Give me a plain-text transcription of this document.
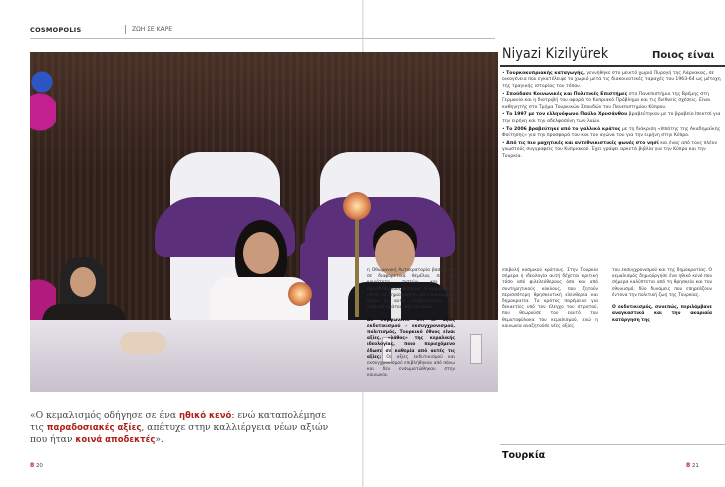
COSMOPOLIS	ΖΩΗ ΣΕ ΚΑΡΕ
Niyazi Kizilyürek	Ποιος είναι
• Τουρκοκυπριακής καταγωγής, γεννήθηκε στο μεικτό χωριό Πυρογή της Λάρνακας, σε οικογένεια που εγκατέλειψε το χωριό μετά τις διακοινοτικές ταραχές του 1963-64 ως μέτοχη της τραγικής ιστορίας του τόπου.
• Σπούδασε Κοινωνικές και Πολιτικές Επιστήμες στο Πανεπιστήμιο της Βρέμης στη Γερμανία και η διατριβή του αφορά το Κυπριακό Πρόβλημα και τις διεθνείς σχέσεις. Είναι καθηγητής στο Τμήμα Τουρκικών Σπουδών του Πανεπιστημίου Κύπρου.
• Το 1997 με τον ελληνόφωνο Παύλο Χρυσάνθου βραβεύτηκαν με το βραβείο Ιπεκτσί για την ειρήνη και την αδελφοσύνη των λαών.
• Το 2006 βραβεύτηκε από το γαλλικό κράτος με τη διάκριση «Ιππότης της Ακαδημαϊκής Φοίτησης» για την προσφορά του και τον αγώνα του για την ειρήνη στην Κύπρο.
• Από τις πιο μαχητικές και αντεθνικιστικές φωνές στο νησί και ένας από τους πλέον γνωστούς συγγραφείς του Κυπριακού. Έχει γράψει αρκετά βιβλία για την Κύπρο και την Τουρκία.
«Ο κεμαλισμός οδήγησε σε ένα ηθικό κενό: ενώ καταπολέμησε τις παραδοσιακές αξίες, απέτυχε στην καλλιέργεια νέων αξιών που ήταν κοινά αποδεκτές».
η Οθωμανική Αυτοκρατορία βασιζόταν σε διαφορετικά θεμέλια, σε μια κοινότητα πιστών και σε παραδοσιακούς θεσμούς. Ο κεμαλισμός ήθελε να δημιουργήσει κάτι καινούργιο πάνω σε αυτά, επιβάλλοντας ένα κοσμικό κράτος από τα πάνω.

Αν συμφωνείτε ότι οι αξίες εκδυτικισμού - εκσυγχρονισμού, πολιτισμός, Τουρκικό έθνος είναι αξίες, «λάθος» της κεμαλικής ιδεολογίας, ποιο περιεχόμενο έδωσε σε καθεμία από αυτές τις αξίες; Οι αξίες εκδυτικισμού και εκσυγχρονισμού επιβλήθηκαν από πάνω και δεν ενσωματώθηκαν στην κοινωνία.
επιβολή κοσμικού κράτους. Στην Τουρκία σήμερα η ιδεολογία αυτή δέχεται κριτική τόσο από φιλελεύθερους όσο και από συντηρητικούς κύκλους, που ζητούν περισσότερη θρησκευτική ελευθερία και δημοκρατία. Το κράτος παρέμεινε για δεκαετίες υπό τον έλεγχο του στρατού, που θεωρούσε τον εαυτό του θεματοφύλακα του κεμαλισμού, ενώ η κοινωνία αναζητούσε νέες αξίες.
του εκσυγχρονισμού και της δημοκρατίας. Ο κεμαλισμός δημιούργησε ένα ηθικό κενό που σήμερα καλύπτεται από τη θρησκεία και τον εθνικισμό, δύο δυνάμεις που επηρεάζουν έντονα την πολιτική ζωή της Τουρκίας.

Ο εκδυτικισμός, συνεπώς, περιλάμβανε αναγκαστικά και την ακαριαία κατάργηση της
Τουρκία
8 20	8 21
